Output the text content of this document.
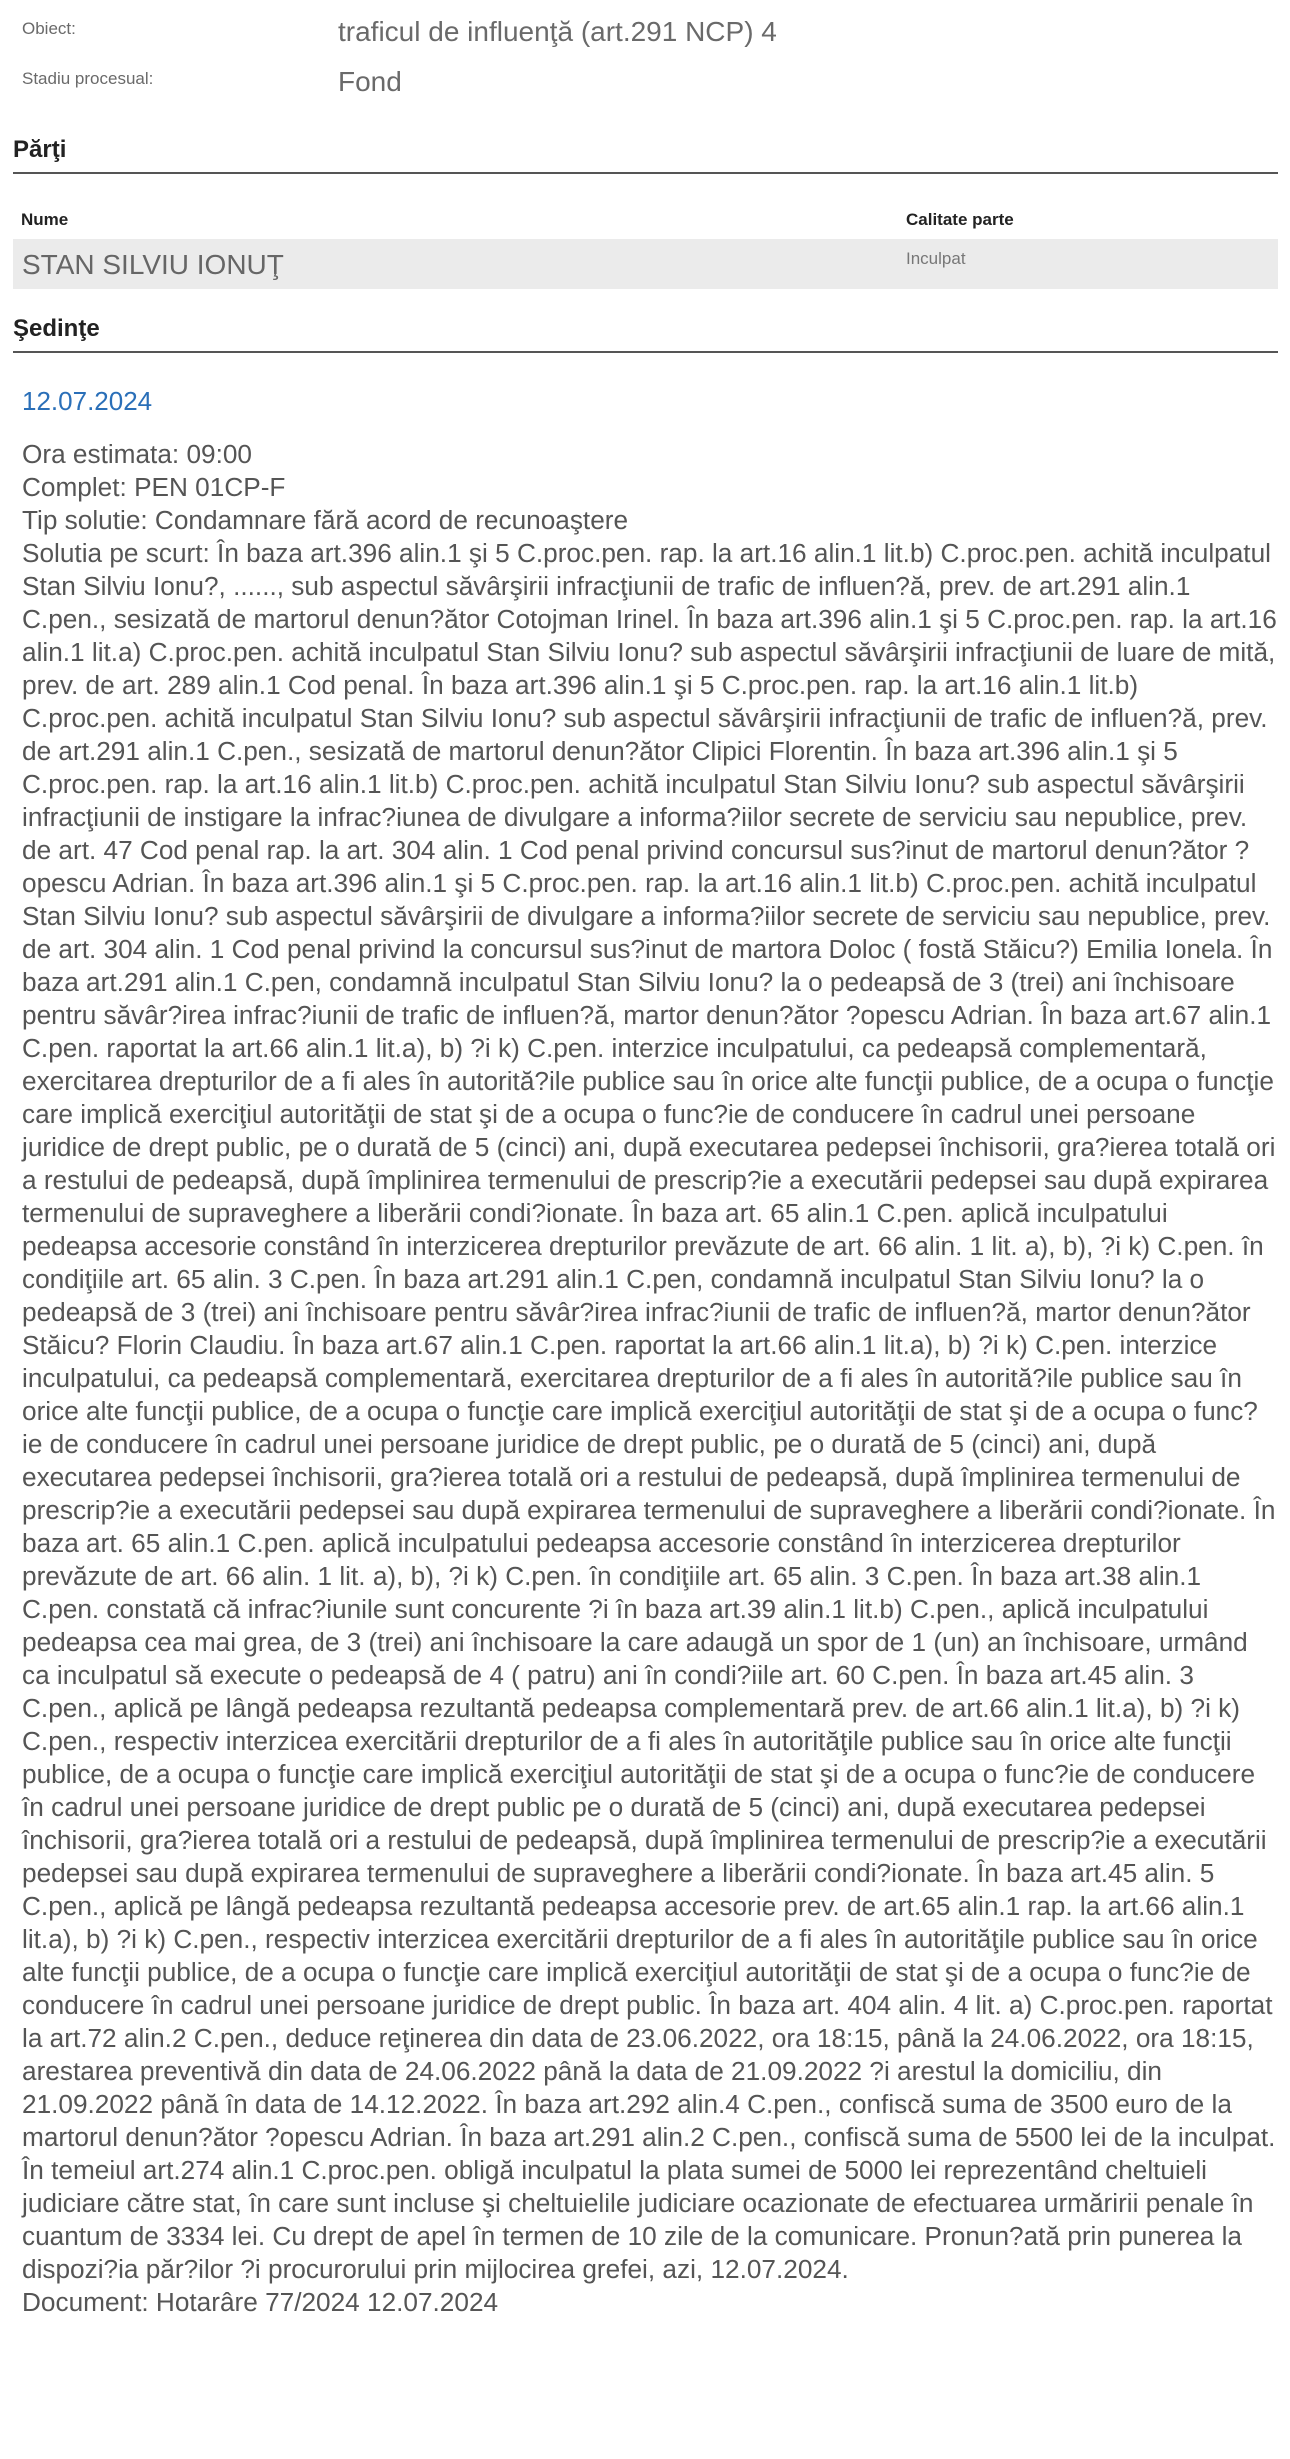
Obiect:	traficul de influenţă (art.291 NCP) 4
Stadiu procesual:	Fond
Părţi
Nume	Calitate parte
STAN SILVIU IONUŢ	Inculpat
Şedinţe
12.07.2024
Ora estimata: 09:00
Complet: PEN 01CP-F
Tip solutie: Condamnare fără acord de recunoaştere
Solutia pe scurt: În baza art.396 alin.1 şi 5 C.proc.pen. rap. la art.16 alin.1 lit.b) C.proc.pen. achită inculpatul Stan Silviu Ionu?, ......, sub aspectul săvârşirii infracţiunii de trafic de influen?ă, prev. de art.291 alin.1 C.pen., sesizată de martorul denun?ător Cotojman Irinel. În baza art.396 alin.1 şi 5 C.proc.pen. rap. la art.16 alin.1 lit.a) C.proc.pen. achită inculpatul Stan Silviu Ionu? sub aspectul săvârşirii infracţiunii de luare de mită, prev. de art. 289 alin.1 Cod penal. În baza art.396 alin.1 şi 5 C.proc.pen. rap. la art.16 alin.1 lit.b) C.proc.pen. achită inculpatul Stan Silviu Ionu? sub aspectul săvârşirii infracţiunii de trafic de influen?ă, prev. de art.291 alin.1 C.pen., sesizată de martorul denun?ător Clipici Florentin. În baza art.396 alin.1 şi 5 C.proc.pen. rap. la art.16 alin.1 lit.b) C.proc.pen. achită inculpatul Stan Silviu Ionu? sub aspectul săvârşirii infracţiunii de instigare la infrac?iunea de divulgare a informa?iilor secrete de serviciu sau nepublice, prev. de art. 47 Cod penal rap. la art. 304 alin. 1 Cod penal privind concursul sus?inut de martorul denun?ător ?opescu Adrian. În baza art.396 alin.1 şi 5 C.proc.pen. rap. la art.16 alin.1 lit.b) C.proc.pen. achită inculpatul Stan Silviu Ionu? sub aspectul săvârşirii de divulgare a informa?iilor secrete de serviciu sau nepublice, prev. de art. 304 alin. 1 Cod penal privind la concursul sus?inut de martora Doloc ( fostă Stăicu?) Emilia Ionela. În baza art.291 alin.1 C.pen, condamnă inculpatul Stan Silviu Ionu? la o pedeapsă de 3 (trei) ani închisoare pentru săvâr?irea infrac?iunii de trafic de influen?ă, martor denun?ător ?opescu Adrian. În baza art.67 alin.1 C.pen. raportat la art.66 alin.1 lit.a), b) ?i k) C.pen. interzice inculpatului, ca pedeapsă complementară, exercitarea drepturilor de a fi ales în autorită?ile publice sau în orice alte funcţii publice, de a ocupa o funcţie care implică exerciţiul autorităţii de stat şi de a ocupa o func?ie de conducere în cadrul unei persoane juridice de drept public, pe o durată de 5 (cinci) ani, după executarea pedepsei închisorii, gra?ierea totală ori a restului de pedeapsă, după împlinirea termenului de prescrip?ie a executării pedepsei sau după expirarea termenului de supraveghere a liberării condi?ionate. În baza art. 65 alin.1 C.pen. aplică inculpatului pedeapsa accesorie constând în interzicerea drepturilor prevăzute de art. 66 alin. 1 lit. a), b), ?i k) C.pen. în condiţiile art. 65 alin. 3 C.pen. În baza art.291 alin.1 C.pen, condamnă inculpatul Stan Silviu Ionu? la o pedeapsă de 3 (trei) ani închisoare pentru săvâr?irea infrac?iunii de trafic de influen?ă, martor denun?ător Stăicu? Florin Claudiu. În baza art.67 alin.1 C.pen. raportat la art.66 alin.1 lit.a), b) ?i k) C.pen. interzice inculpatului, ca pedeapsă complementară, exercitarea drepturilor de a fi ales în autorită?ile publice sau în orice alte funcţii publice, de a ocupa o funcţie care implică exerciţiul autorităţii de stat şi de a ocupa o func?ie de conducere în cadrul unei persoane juridice de drept public, pe o durată de 5 (cinci) ani, după executarea pedepsei închisorii, gra?ierea totală ori a restului de pedeapsă, după împlinirea termenului de prescrip?ie a executării pedepsei sau după expirarea termenului de supraveghere a liberării condi?ionate. În baza art. 65 alin.1 C.pen. aplică inculpatului pedeapsa accesorie constând în interzicerea drepturilor prevăzute de art. 66 alin. 1 lit. a), b), ?i k) C.pen. în condiţiile art. 65 alin. 3 C.pen. În baza art.38 alin.1 C.pen. constată că infrac?iunile sunt concurente ?i în baza art.39 alin.1 lit.b) C.pen., aplică inculpatului pedeapsa cea mai grea, de 3 (trei) ani închisoare la care adaugă un spor de 1 (un) an închisoare, urmând ca inculpatul să execute o pedeapsă de 4 ( patru) ani în condi?iile art. 60 C.pen. În baza art.45 alin. 3 C.pen., aplică pe lângă pedeapsa rezultantă pedeapsa complementară prev. de art.66 alin.1 lit.a), b) ?i k) C.pen., respectiv interzicea exercitării drepturilor de a fi ales în autorităţile publice sau în orice alte funcţii publice, de a ocupa o funcţie care implică exerciţiul autorităţii de stat şi de a ocupa o func?ie de conducere în cadrul unei persoane juridice de drept public pe o durată de 5 (cinci) ani, după executarea pedepsei închisorii, gra?ierea totală ori a restului de pedeapsă, după împlinirea termenului de prescrip?ie a executării pedepsei sau după expirarea termenului de supraveghere a liberării condi?ionate. În baza art.45 alin. 5 C.pen., aplică pe lângă pedeapsa rezultantă pedeapsa accesorie prev. de art.65 alin.1 rap. la art.66 alin.1 lit.a), b) ?i k) C.pen., respectiv interzicea exercitării drepturilor de a fi ales în autorităţile publice sau în orice alte funcţii publice, de a ocupa o funcţie care implică exerciţiul autorităţii de stat şi de a ocupa o func?ie de conducere în cadrul unei persoane juridice de drept public. În baza art. 404 alin. 4 lit. a) C.proc.pen. raportat la art.72 alin.2 C.pen., deduce reţinerea din data de 23.06.2022, ora 18:15, până la 24.06.2022, ora 18:15, arestarea preventivă din data de 24.06.2022 până la data de 21.09.2022 ?i arestul la domiciliu, din 21.09.2022 până în data de 14.12.2022. În baza art.292 alin.4 C.pen., confiscă suma de 3500 euro de la martorul denun?ător ?opescu Adrian. În baza art.291 alin.2 C.pen., confiscă suma de 5500 lei de la inculpat. În temeiul art.274 alin.1 C.proc.pen. obligă inculpatul la plata sumei de 5000 lei reprezentând cheltuieli judiciare către stat, în care sunt incluse şi cheltuielile judiciare ocazionate de efectuarea urmăririi penale în cuantum de 3334 lei. Cu drept de apel în termen de 10 zile de la comunicare. Pronun?ată prin punerea la dispozi?ia păr?ilor ?i procurorului prin mijlocirea grefei, azi, 12.07.2024.
Document: Hotarâre 77/2024 12.07.2024
